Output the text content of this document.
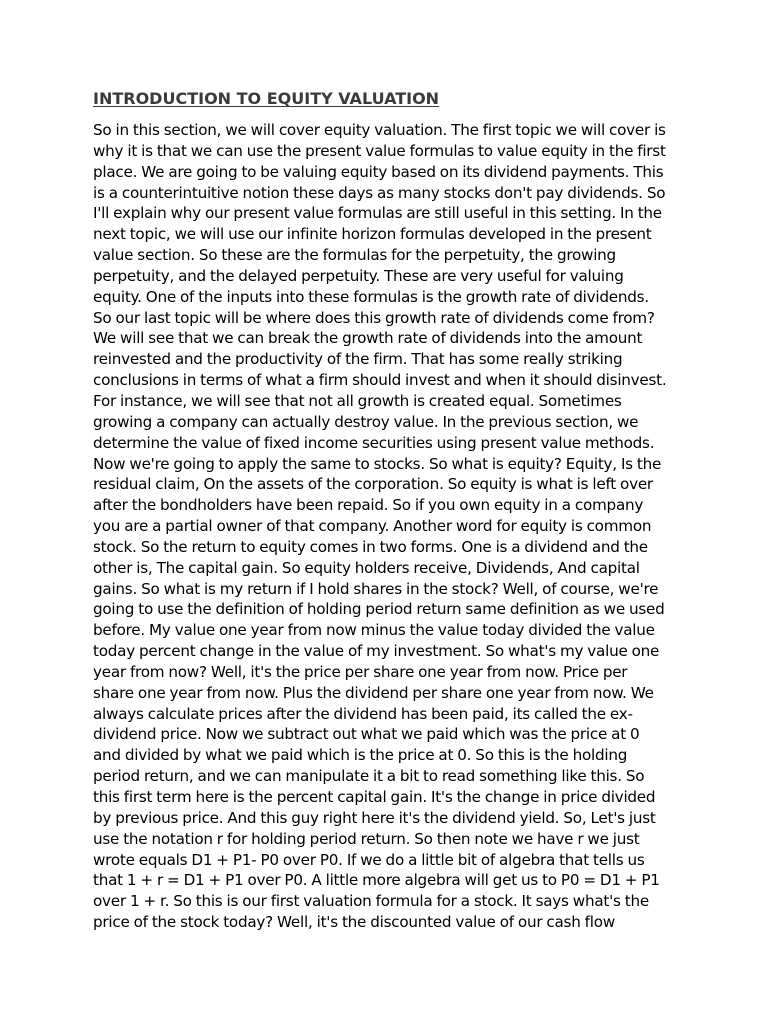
INTRODUCTION TO EQUITY VALUATION

So in this section, we will cover equity valuation. The first topic we will cover is why it is that we can use the present value formulas to value equity in the first place. We are going to be valuing equity based on its dividend payments. This is a counterintuitive notion these days as many stocks don't pay dividends. So I'll explain why our present value formulas are still useful in this setting. In the next topic, we will use our infinite horizon formulas developed in the present value section. So these are the formulas for the perpetuity, the growing perpetuity, and the delayed perpetuity. These are very useful for valuing equity. One of the inputs into these formulas is the growth rate of dividends. So our last topic will be where does this growth rate of dividends come from? We will see that we can break the growth rate of dividends into the amount reinvested and the productivity of the firm. That has some really striking conclusions in terms of what a firm should invest and when it should disinvest. For instance, we will see that not all growth is created equal. Sometimes growing a company can actually destroy value. In the previous section, we determine the value of fixed income securities using present value methods. Now we're going to apply the same to stocks. So what is equity? Equity, Is the residual claim, On the assets of the corporation. So equity is what is left over after the bondholders have been repaid. So if you own equity in a company you are a partial owner of that company. Another word for equity is common stock. So the return to equity comes in two forms. One is a dividend and the other is, The capital gain. So equity holders receive, Dividends, And capital gains. So what is my return if I hold shares in the stock? Well, of course, we're going to use the definition of holding period return same definition as we used before. My value one year from now minus the value today divided the value today percent change in the value of my investment. So what's my value one year from now? Well, it's the price per share one year from now. Price per share one year from now. Plus the dividend per share one year from now. We always calculate prices after the dividend has been paid, its called the ex-dividend price. Now we subtract out what we paid which was the price at 0 and divided by what we paid which is the price at 0. So this is the holding period return, and we can manipulate it a bit to read something like this. So this first term here is the percent capital gain. It's the change in price divided by previous price. And this guy right here it's the dividend yield. So, Let's just use the notation r for holding period return. So then note we have r we just wrote equals D1 + P1- P0 over P0. If we do a little bit of algebra that tells us that 1 + r = D1 + P1 over P0. A little more algebra will get us to P0 = D1 + P1 over 1 + r. So this is our first valuation formula for a stock. It says what's the price of the stock today? Well, it's the discounted value of our cash flow
